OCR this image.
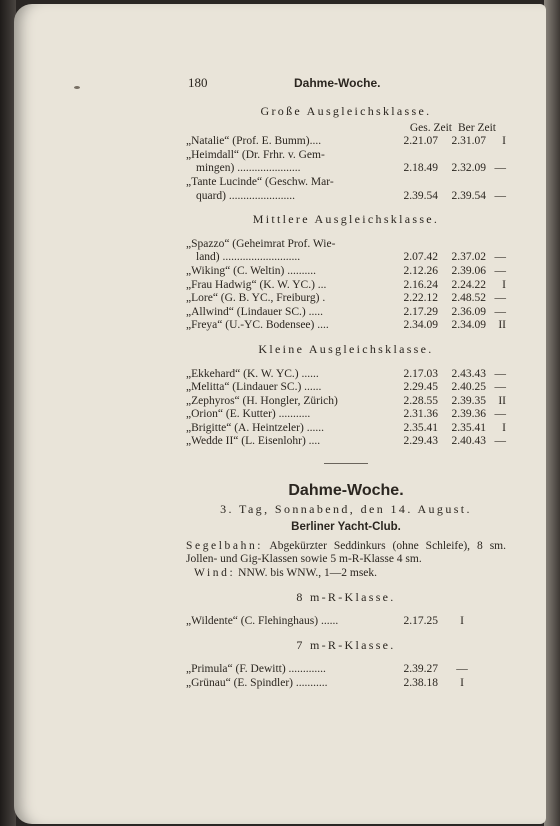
180	Dahme-Woche.
Große Ausgleichsklasse.
Ges. Zeit Ber Zeit
„Natalie“ (Prof. E. Bumm)....	2.21.07	2.31.07	I
„Heimdall“ (Dr. Frhr. v. Gem-
mingen) ......................	2.18.49	2.32.09 —
„Tante Lucinde“ (Geschw. Mar-
quard) .......................	2.39.54	2.39.54 —
Mittlere Ausgleichsklasse.
„Spazzo“ (Geheimrat Prof. Wie-
land) ...........................	2.07.42	2.37.02 —
„Wiking“ (C. Weltin) ..........	2.12.26	2.39.06 —
„Frau Hadwig“ (K. W. YC.) ...	2.16.24	2.24.22	I
„Lore“ (G. B. YC., Freiburg) .	2.22.12	2.48.52 —
„Allwind“ (Lindauer SC.) .....	2.17.29	2.36.09 —
„Freya“ (U.-YC. Bodensee) ....	2.34.09	2.34.09	II
Kleine Ausgleichsklasse.
„Ekkehard“ (K. W. YC.) ......	2.17.03	2.43.43 —
„Melitta“ (Lindauer SC.) ......	2.29.45	2.40.25 —
„Zephyros“ (H. Hongler, Zürich)	2.28.55	2.39.35	II
„Orion“ (E. Kutter) ...........	2.31.36	2.39.36 —
„Brigitte“ (A. Heintzeler) ......	2.35.41	2.35.41	I
„Wedde II“ (L. Eisenlohr) ....	2.29.43	2.40.43 —
Dahme-Woche.
3. Tag, Sonnabend, den 14. August.
Berliner Yacht-Club.
Segelbahn: Abgekürzter Seddinkurs (ohne Schleife), 8 sm. Jollen- und Gig-Klassen sowie 5 m-R-Klasse 4 sm.
Wind: NNW. bis WNW., 1—2 msek.
8 m-R-Klasse.
„Wildente“ (C. Flehinghaus) ......	2.17.25	I
7 m-R-Klasse.
„Primula“ (F. Dewitt) .............	2.39.27	—
„Grünau“ (E. Spindler) ...........	2.38.18	I
